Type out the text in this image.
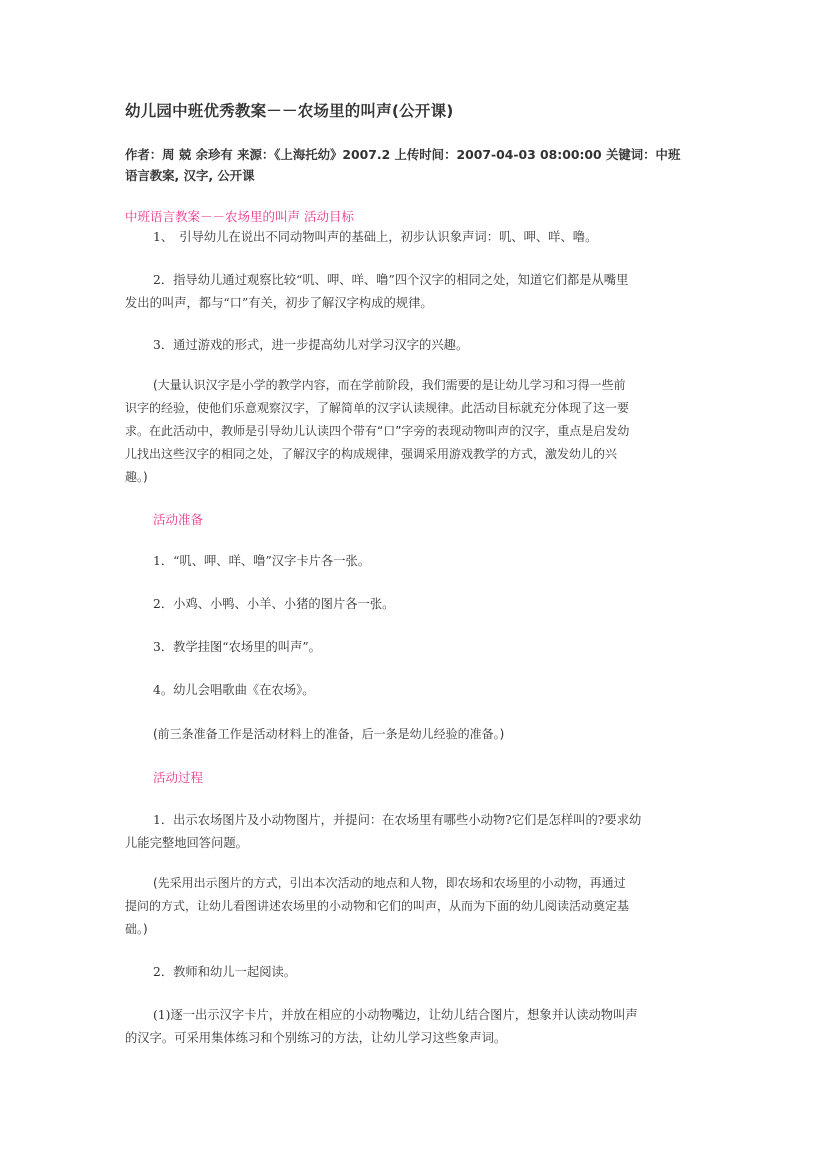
幼儿园中班优秀教案－－农场里的叫声(公开课)
作者：周 兢 余珍有 来源：《上海托幼》2007.2 上传时间：2007-04-03 08:00:00 关键词：中班
语言教案, 汉字, 公开课
中班语言教案－－农场里的叫声 活动目标
1、　引导幼儿在说出不同动物叫声的基础上，初步认识象声词：叽、呷、咩、噜。
2．指导幼儿通过观察比较“叽、呷、咩、噜”四个汉字的相同之处，知道它们都是从嘴里
发出的叫声，都与“口”有关，初步了解汉字构成的规律。
3．通过游戏的形式，进一步提高幼儿对学习汉字的兴趣。
(大量认识汉字是小学的教学内容，而在学前阶段，我们需要的是让幼儿学习和习得一些前
识字的经验，使他们乐意观察汉字，了解简单的汉字认读规律。此活动目标就充分体现了这一要
求。在此活动中，教师是引导幼儿认读四个带有“口”字旁的表现动物叫声的汉字，重点是启发幼
儿找出这些汉字的相同之处，了解汉字的构成规律，强调采用游戏教学的方式，激发幼儿的兴
趣。)
活动准备
1．“叽、呷、咩、噜”汉字卡片各一张。
2．小鸡、小鸭、小羊、小猪的图片各一张。
3．教学挂图“农场里的叫声”。
4。幼儿会唱歌曲《在农场》。
(前三条准备工作是活动材料上的准备，后一条是幼儿经验的准备。)
活动过程
1．出示农场图片及小动物图片，并提问：在农场里有哪些小动物?它们是怎样叫的?要求幼
儿能完整地回答问题。
(先采用出示图片的方式，引出本次活动的地点和人物，即农场和农场里的小动物，再通过
提问的方式，让幼儿看图讲述农场里的小动物和它们的叫声，从而为下面的幼儿阅读活动奠定基
础。)
2．教师和幼儿一起阅读。
(1)逐一出示汉字卡片，并放在相应的小动物嘴边，让幼儿结合图片，想象并认读动物叫声
的汉字。可采用集体练习和个别练习的方法，让幼儿学习这些象声词。
